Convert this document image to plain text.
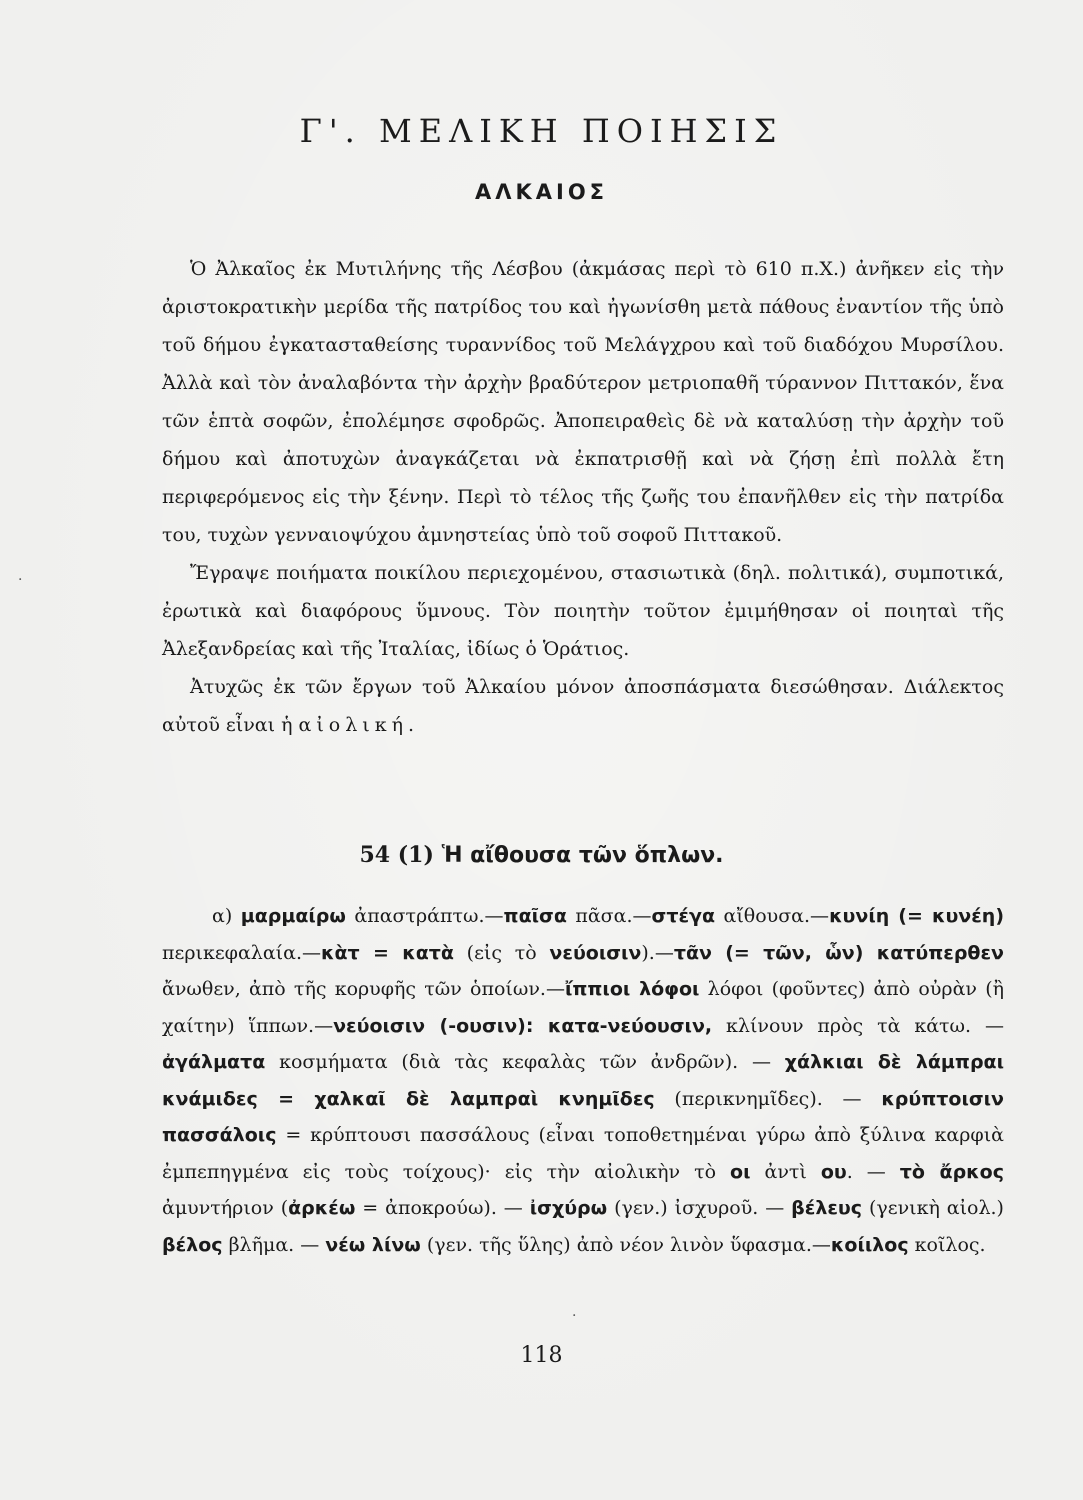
Γ'. ΜΕΛΙΚΗ ΠΟΙΗΣΙΣ
ΑΛΚΑΙΟΣ

Ὁ Ἀλκαῖος ἐκ Μυτιλήνης τῆς Λέσβου (ἀκμάσας περὶ τὸ 610 π.Χ.) ἀνῆκεν εἰς τὴν ἀριστοκρατικὴν μερίδα τῆς πατρίδος του καὶ ἠγωνίσθη μετὰ πάθους ἐναντίον τῆς ὑπὸ τοῦ δήμου ἐγκατασταθείσης τυραννίδος τοῦ Μελάγχρου καὶ τοῦ διαδόχου Μυρσίλου. Ἀλλὰ καὶ τὸν ἀναλαβόντα τὴν ἀρχὴν βραδύτερον μετριοπαθῆ τύραννον Πιττακόν, ἕνα τῶν ἑπτὰ σοφῶν, ἐπολέμησε σφοδρῶς. Ἀποπειραθεὶς δὲ νὰ καταλύσῃ τὴν ἀρχὴν τοῦ δήμου καὶ ἀποτυχὼν ἀναγκάζεται νὰ ἐκπατρισθῇ καὶ νὰ ζήσῃ ἐπὶ πολλὰ ἔτη περιφερόμενος εἰς τὴν ξένην. Περὶ τὸ τέλος τῆς ζωῆς του ἐπανῆλθεν εἰς τὴν πατρίδα του, τυχὼν γενναιοψύχου ἀμνηστείας ὑπὸ τοῦ σοφοῦ Πιττακοῦ.

Ἔγραψε ποιήματα ποικίλου περιεχομένου, στασιωτικὰ (δηλ. πολιτικά), συμποτικά, ἐρωτικὰ καὶ διαφόρους ὕμνους. Τὸν ποιητὴν τοῦτον ἐμιμήθησαν οἱ ποιηταὶ τῆς Ἀλεξανδρείας καὶ τῆς Ἰταλίας, ἰδίως ὁ Ὁράτιος.

Ἀτυχῶς ἐκ τῶν ἔργων τοῦ Ἀλκαίου μόνον ἀποσπάσματα διεσώθησαν. Διάλεκτος αὐτοῦ εἶναι ἡ αἰολική.

54 (1) Ἡ αἴθουσα τῶν ὅπλων.

α) μαρμαίρω ἀπαστράπτω.—παῖσα πᾶσα.—στέγα αἴθουσα.—κυνίη (= κυνέη) περικεφαλαία.—κὰτ = κατὰ (εἰς τὸ νεύοισιν).—τᾶν (= τῶν, ὧν) κατύπερθεν ἄνωθεν, ἀπὸ τῆς κορυφῆς τῶν ὁποίων.—ἴππιοι λόφοι λόφοι (φοῦντες) ἀπὸ οὐρὰν (ἢ χαίτην) ἵππων.—νεύοισιν (-ουσιν): κατα-νεύουσιν, κλίνουν πρὸς τὰ κάτω. — ἀγάλματα κοσμήματα (διὰ τὰς κεφαλὰς τῶν ἀνδρῶν). — χάλκιαι δὲ λάμπραι κνάμιδες = χαλκαῖ δὲ λαμπραὶ κνημῖδες (περικνημῖδες). — κρύπτοισιν πασσάλοις = κρύπτουσι πασσάλους (εἶναι τοποθετημέναι γύρω ἀπὸ ξύλινα καρφιὰ ἐμπεπηγμένα εἰς τοὺς τοίχους)· εἰς τὴν αἰολικὴν τὸ οι ἀντὶ ου. — τὸ ἄρκος ἀμυντήριον (ἀρκέω = ἀποκρούω). — ἰσχύρω (γεν.) ἰσχυροῦ. — βέλευς (γενικὴ αἰολ.) βέλος βλῆμα. — νέω λίνω (γεν. τῆς ὕλης) ἀπὸ νέον λινὸν ὕφασμα.—κοίιλος κοῖλος.

118
·
·
